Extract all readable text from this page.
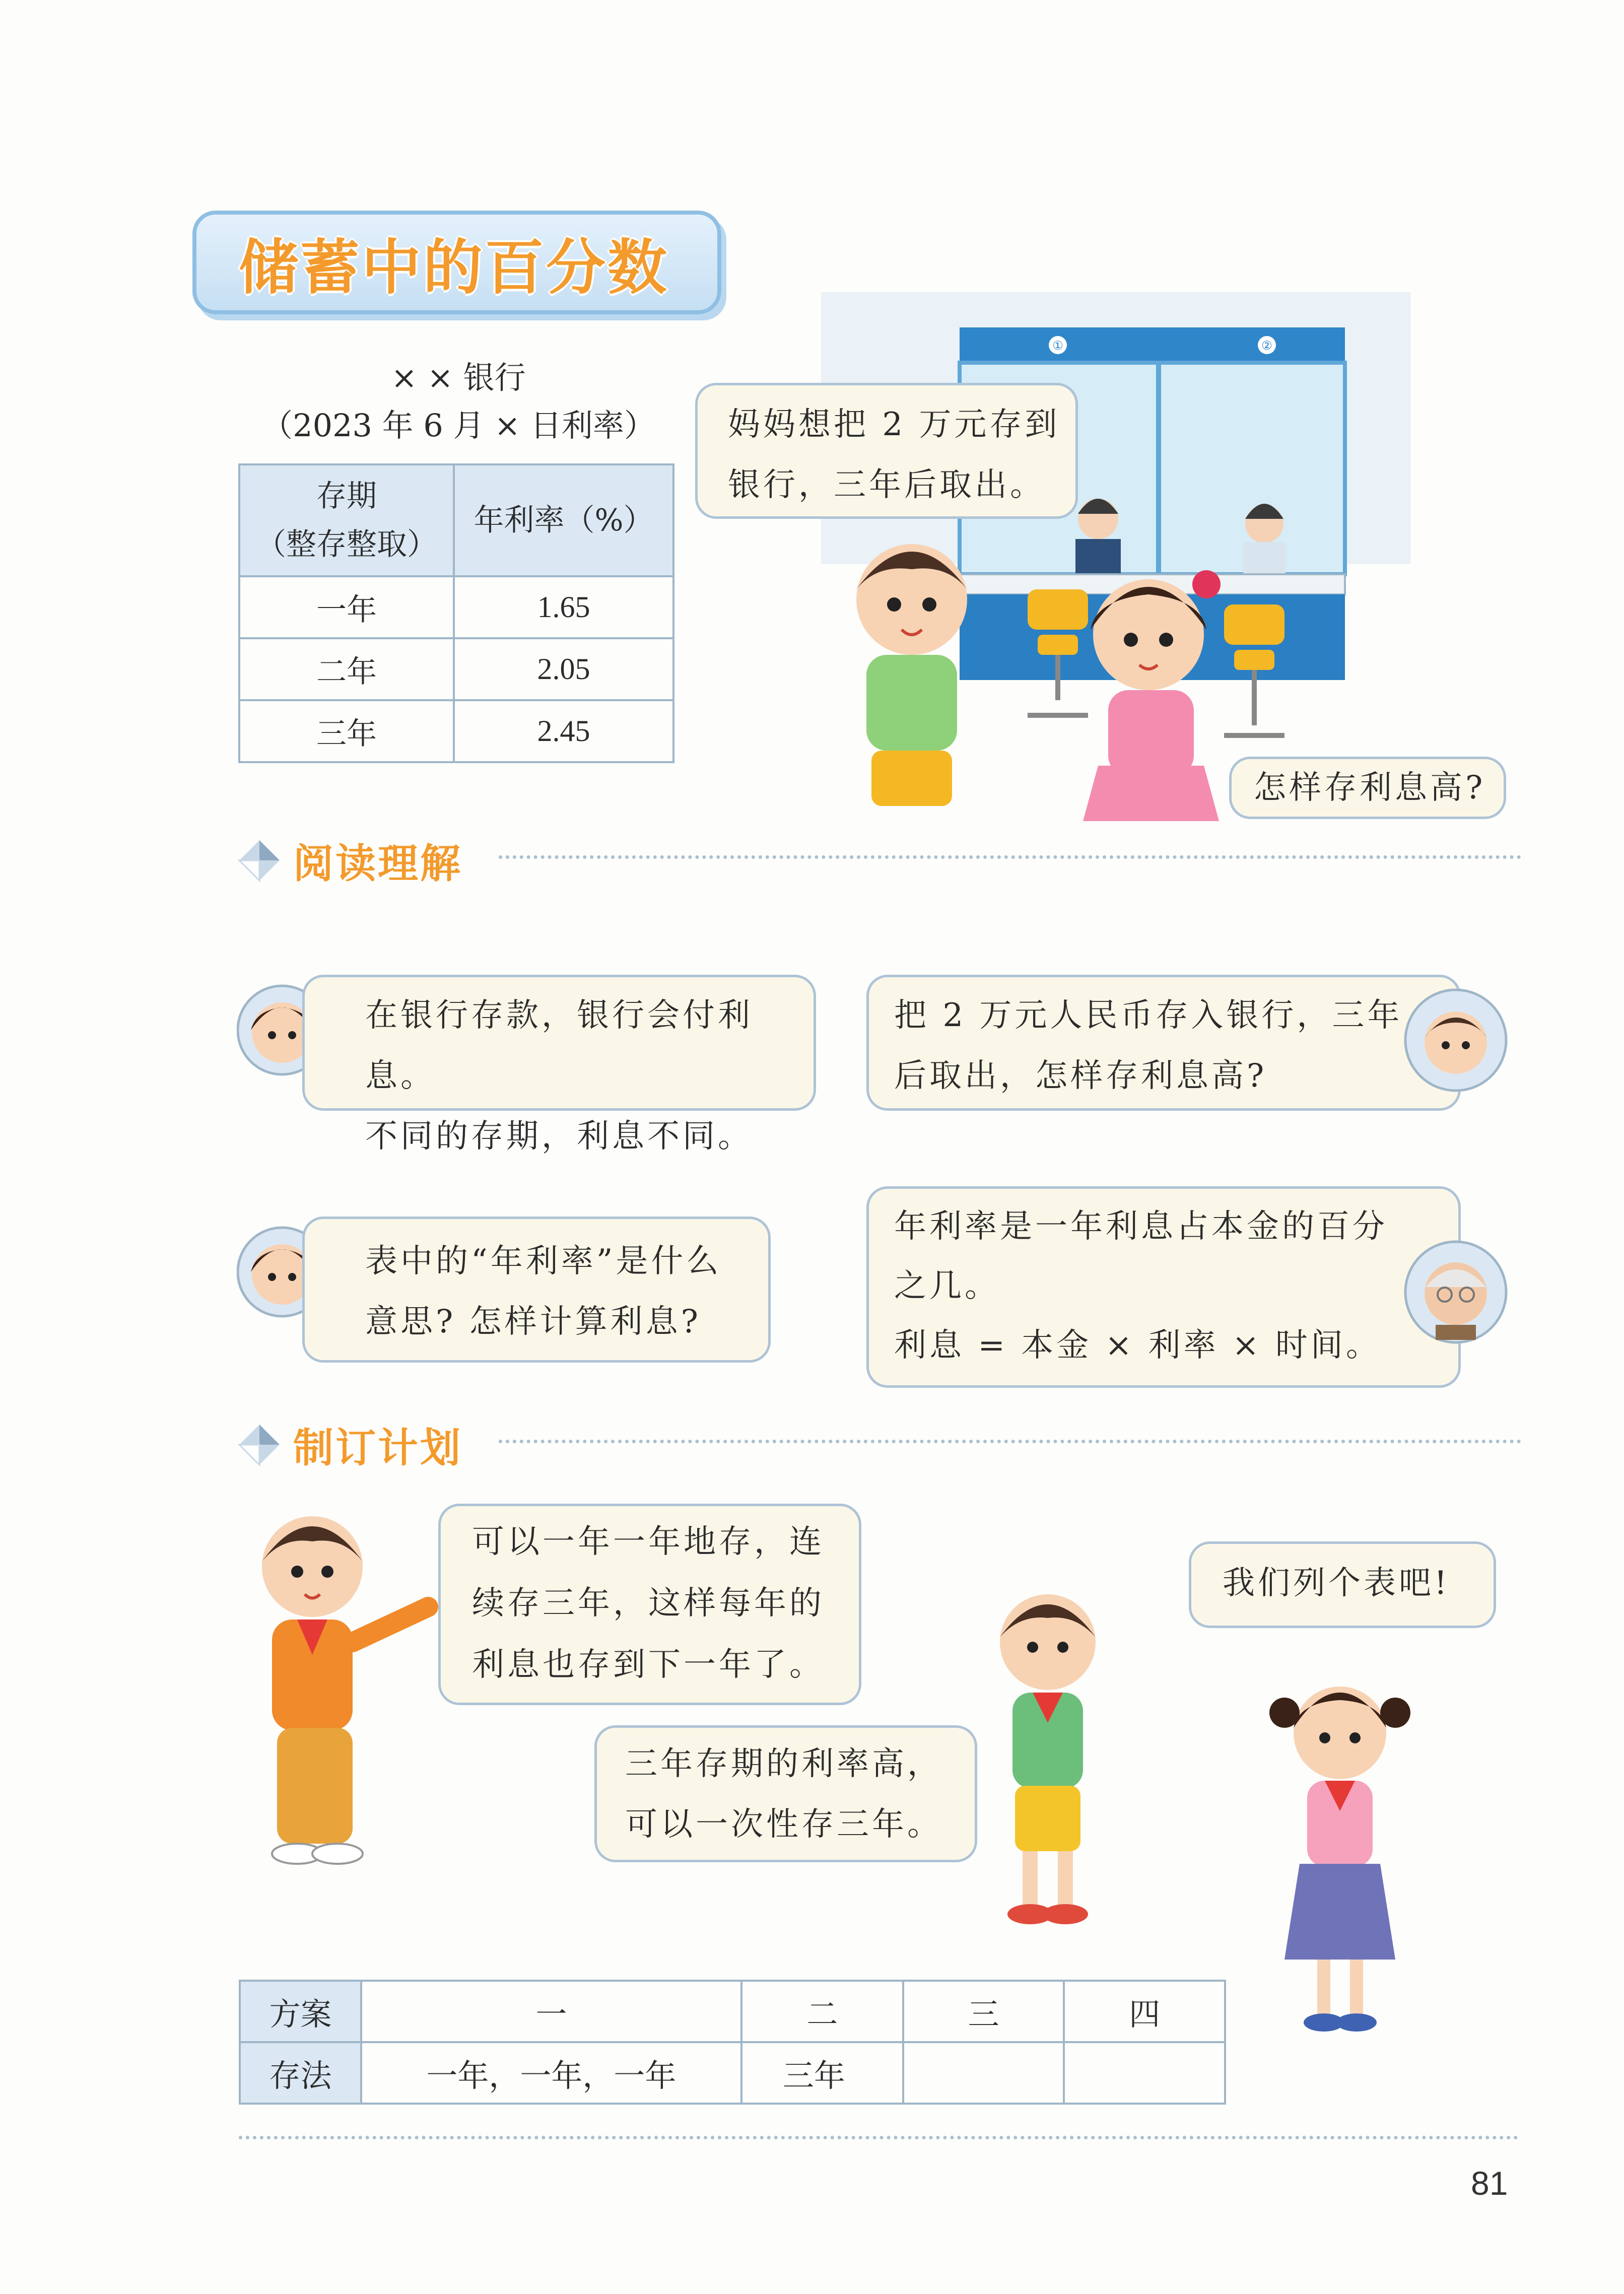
储蓄中的百分数
× × 银行
（2023 年 6 月 × 日利率）
存期
（整存整取）	年利率（%）
一年	1.65
二年	2.05
三年	2.45
①	②
妈妈想把 2 万元存到
银行，三年后取出。
怎样存利息高?
阅读理解
在银行存款，银行会付利息。
不同的存期，利息不同。
把 2 万元人民币存入银行，三年
后取出，怎样存利息高?
表中的“年利率”是什么
意思? 怎样计算利息?
年利率是一年利息占本金的百分
之几。
利息 = 本金 × 利率 × 时间。
制订计划
可以一年一年地存，连
续存三年，这样每年的
利息也存到下一年了。
三年存期的利率高，
可以一次性存三年。
我们列个表吧!
方案	一	二	三	四
存法	一年，一年，一年	三年		
81
